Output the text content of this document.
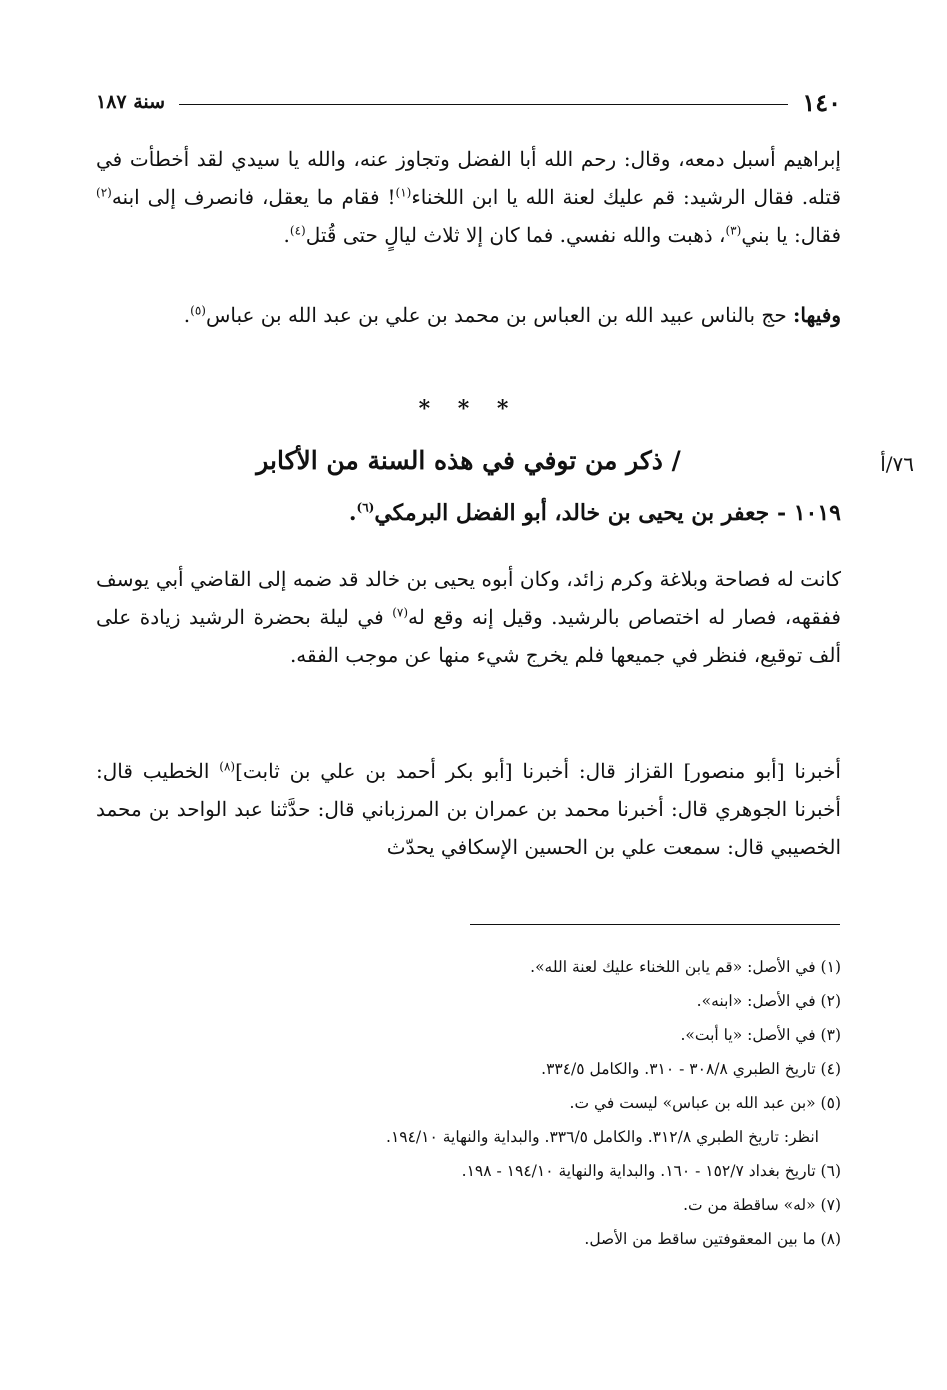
١٤٠
سنة ١٨٧

إبراهيم أسبل دمعه، وقال: رحم الله أبا الفضل وتجاوز عنه، والله يا سيدي لقد أخطأت في قتله. فقال الرشيد: قم عليك لعنة الله يا ابن اللخناء$^{(١)}$! فقام ما يعقل، فانصرف إلى ابنه$^{(٢)}$ فقال: يا بني$^{(٣)}$، ذهبت والله نفسي. فما كان إلا ثلاث ليالٍ حتى قُتل$^{(٤)}$.

وفيها: حج بالناس عبيد الله بن العباس بن محمد بن علي بن عبد الله بن عباس$^{(٥)}$.

* * *
٧٦/أ
/ ذكر من توفي في هذه السنة من الأكابر
١٠١٩ - جعفر بن يحيى بن خالد، أبو الفضل البرمكي$^{(٦)}$.

كانت له فصاحة وبلاغة وكرم زائد، وكان أبوه يحيى بن خالد قد ضمه إلى القاضي أبي يوسف ففقهه، فصار له اختصاص بالرشيد. وقيل إنه وقع له$^{(٧)}$ في ليلة بحضرة الرشيد زيادة على ألف توقيع، فنظر في جميعها فلم يخرج شيء منها عن موجب الفقه.

أخبرنا [أبو منصور] القزاز قال: أخبرنا [أبو بكر أحمد بن علي بن ثابت]$^{(٨)}$ الخطيب قال: أخبرنا الجوهري قال: أخبرنا محمد بن عمران بن المرزباني قال: حدَّثنا عبد الواحد بن محمد الخصيبي قال: سمعت علي بن الحسين الإسكافي يحدّث

(١) في الأصل: «قم يابن اللخناء عليك لعنة الله».
(٢) في الأصل: «ابنه».
(٣) في الأصل: «يا أبت».
(٤) تاريخ الطبري ٣٠٨/٨ - ٣١٠. والكامل ٣٣٤/٥.
(٥) «بن عبد الله بن عباس» ليست في ت.
انظر: تاريخ الطبري ٣١٢/٨. والكامل ٣٣٦/٥. والبداية والنهاية ١٩٤/١٠.
(٦) تاريخ بغداد ١٥٢/٧ - ١٦٠. والبداية والنهاية ١٩٤/١٠ - ١٩٨.
(٧) «له» ساقطة من ت.
(٨) ما بين المعقوفتين ساقط من الأصل.
